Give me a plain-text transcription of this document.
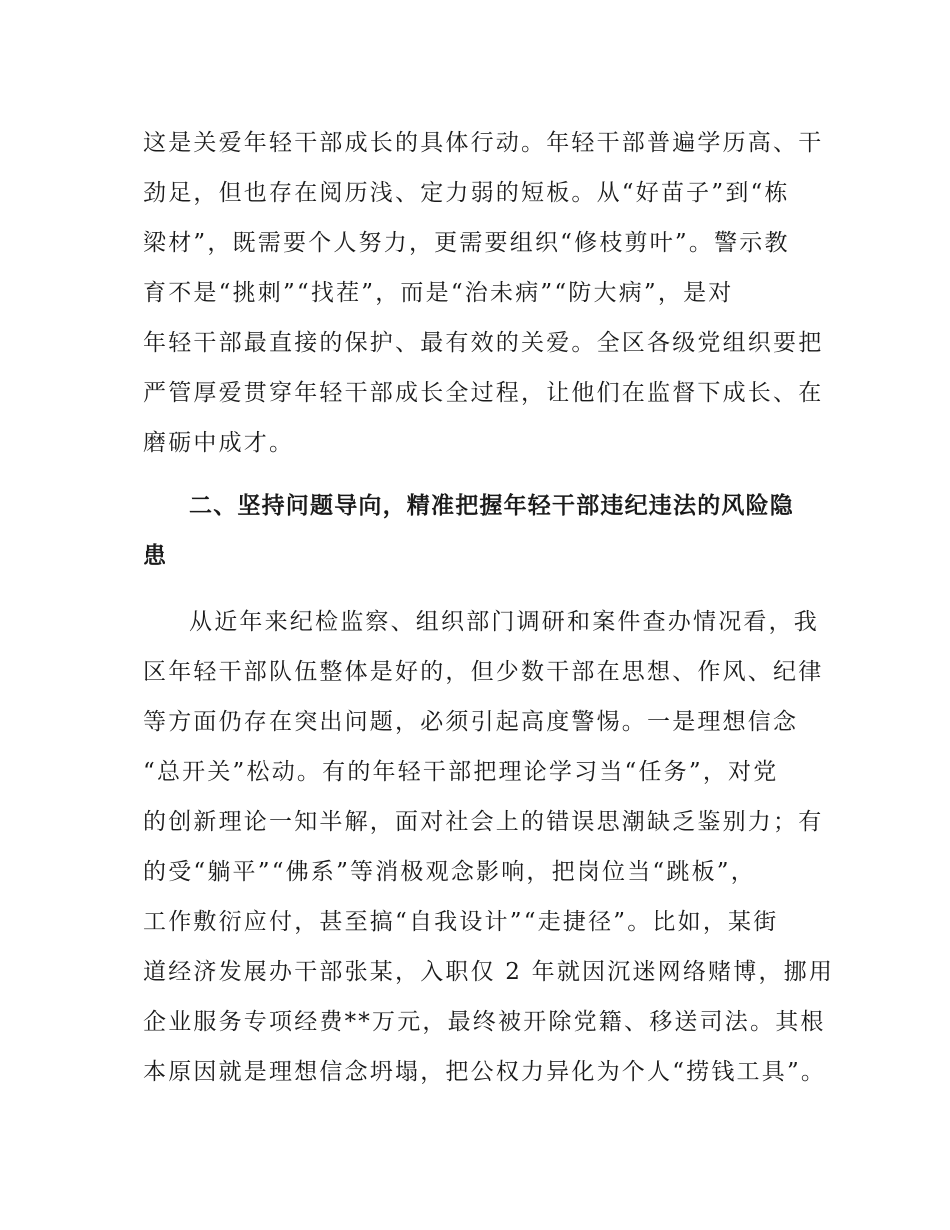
这是关爱年轻干部成长的具体行动。年轻干部普遍学历高、干
劲足，但也存在阅历浅、定力弱的短板。从“好苗子”到“栋
梁材”，既需要个人努力，更需要组织“修枝剪叶”。警示教
育不是“挑刺”“找茬”，而是“治未病”“防大病”，是对
年轻干部最直接的保护、最有效的关爱。全区各级党组织要把
严管厚爱贯穿年轻干部成长全过程，让他们在监督下成长、在
磨砺中成才。
二、坚持问题导向，精准把握年轻干部违纪违法的风险隐
患
从近年来纪检监察、组织部门调研和案件查办情况看，我
区年轻干部队伍整体是好的，但少数干部在思想、作风、纪律
等方面仍存在突出问题，必须引起高度警惕。一是理想信念
“总开关”松动。有的年轻干部把理论学习当“任务”，对党
的创新理论一知半解，面对社会上的错误思潮缺乏鉴别力；有
的受“躺平”“佛系”等消极观念影响，把岗位当“跳板”，
工作敷衍应付，甚至搞“自我设计”“走捷径”。比如，某街
道经济发展办干部张某，入职仅 2 年就因沉迷网络赌博，挪用
企业服务专项经费**万元，最终被开除党籍、移送司法。其根
本原因就是理想信念坍塌，把公权力异化为个人“捞钱工具”。
